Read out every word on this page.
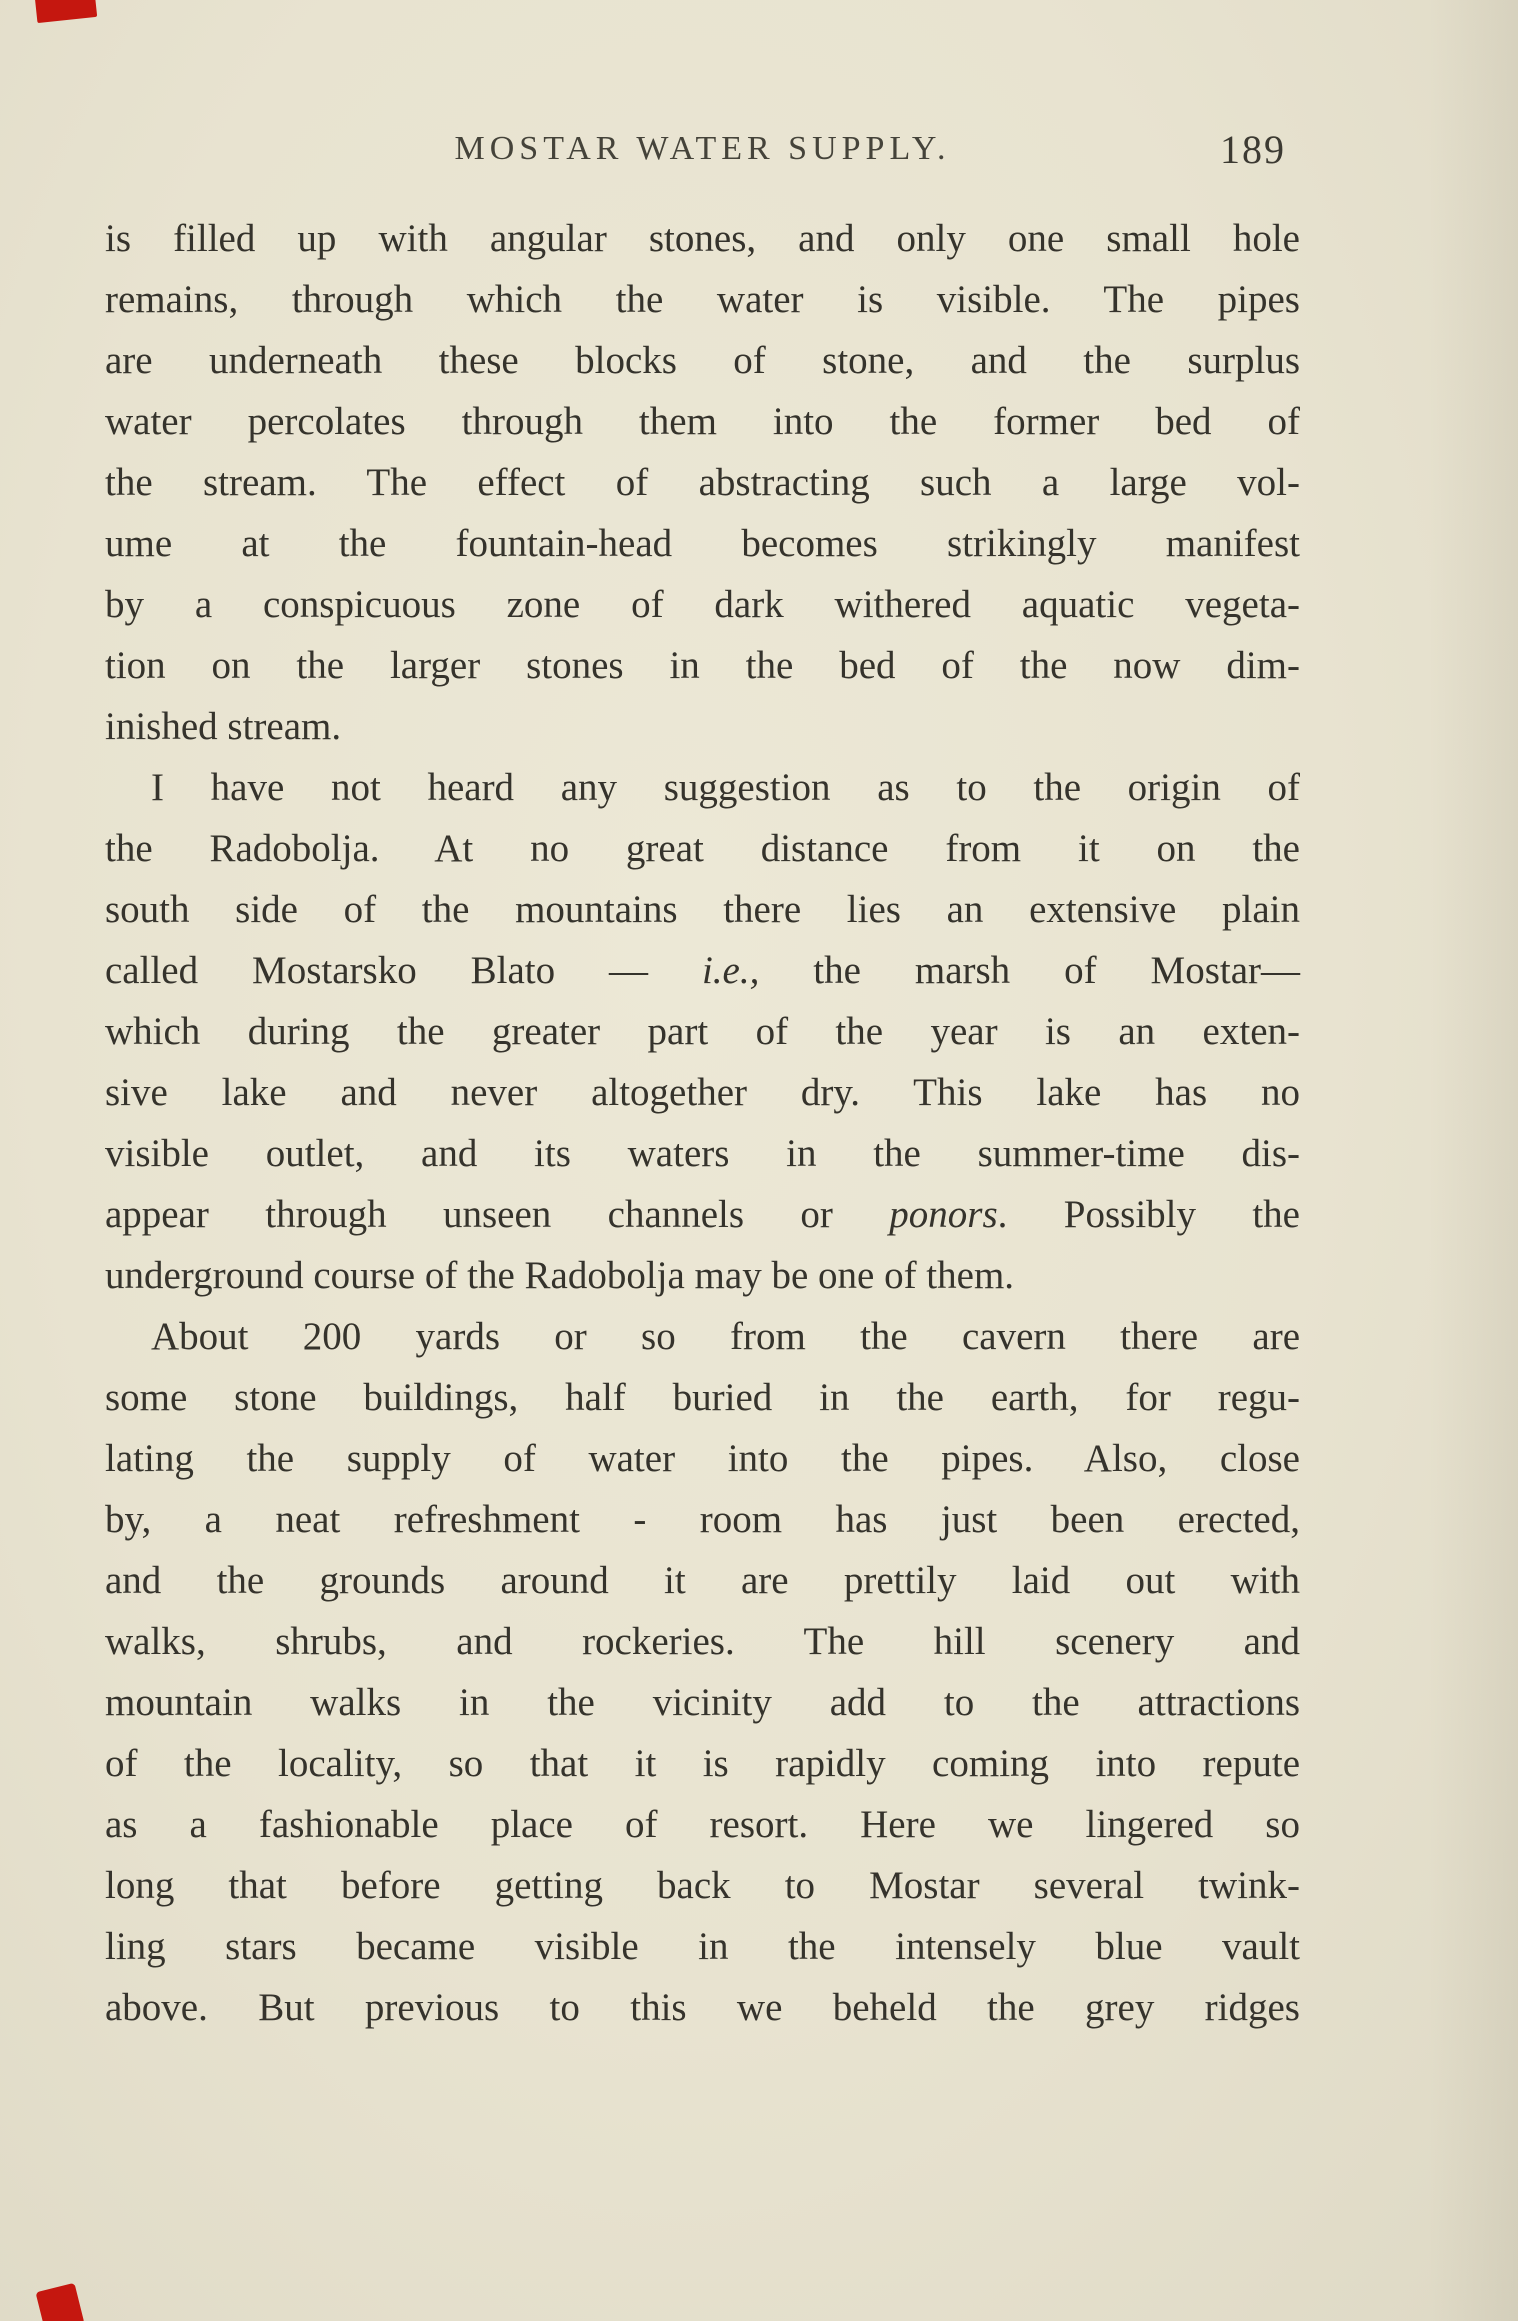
MOSTAR WATER SUPPLY.	189
is filled up with angular stones, and only one small hole
remains, through which the water is visible. The pipes
are underneath these blocks of stone, and the surplus
water percolates through them into the former bed of
the stream. The effect of abstracting such a large vol-
ume at the fountain-head becomes strikingly manifest
by a conspicuous zone of dark withered aquatic vegeta-
tion on the larger stones in the bed of the now dim-
inished stream.
I have not heard any suggestion as to the origin of
the Radobolja. At no great distance from it on the
south side of the mountains there lies an extensive plain
called Mostarsko Blato — i.e., the marsh of Mostar—
which during the greater part of the year is an exten-
sive lake and never altogether dry. This lake has no
visible outlet, and its waters in the summer-time dis-
appear through unseen channels or ponors. Possibly the
underground course of the Radobolja may be one of them.
About 200 yards or so from the cavern there are
some stone buildings, half buried in the earth, for regu-
lating the supply of water into the pipes. Also, close
by, a neat refreshment - room has just been erected,
and the grounds around it are prettily laid out with
walks, shrubs, and rockeries. The hill scenery and
mountain walks in the vicinity add to the attractions
of the locality, so that it is rapidly coming into repute
as a fashionable place of resort. Here we lingered so
long that before getting back to Mostar several twink-
ling stars became visible in the intensely blue vault
above. But previous to this we beheld the grey ridges
